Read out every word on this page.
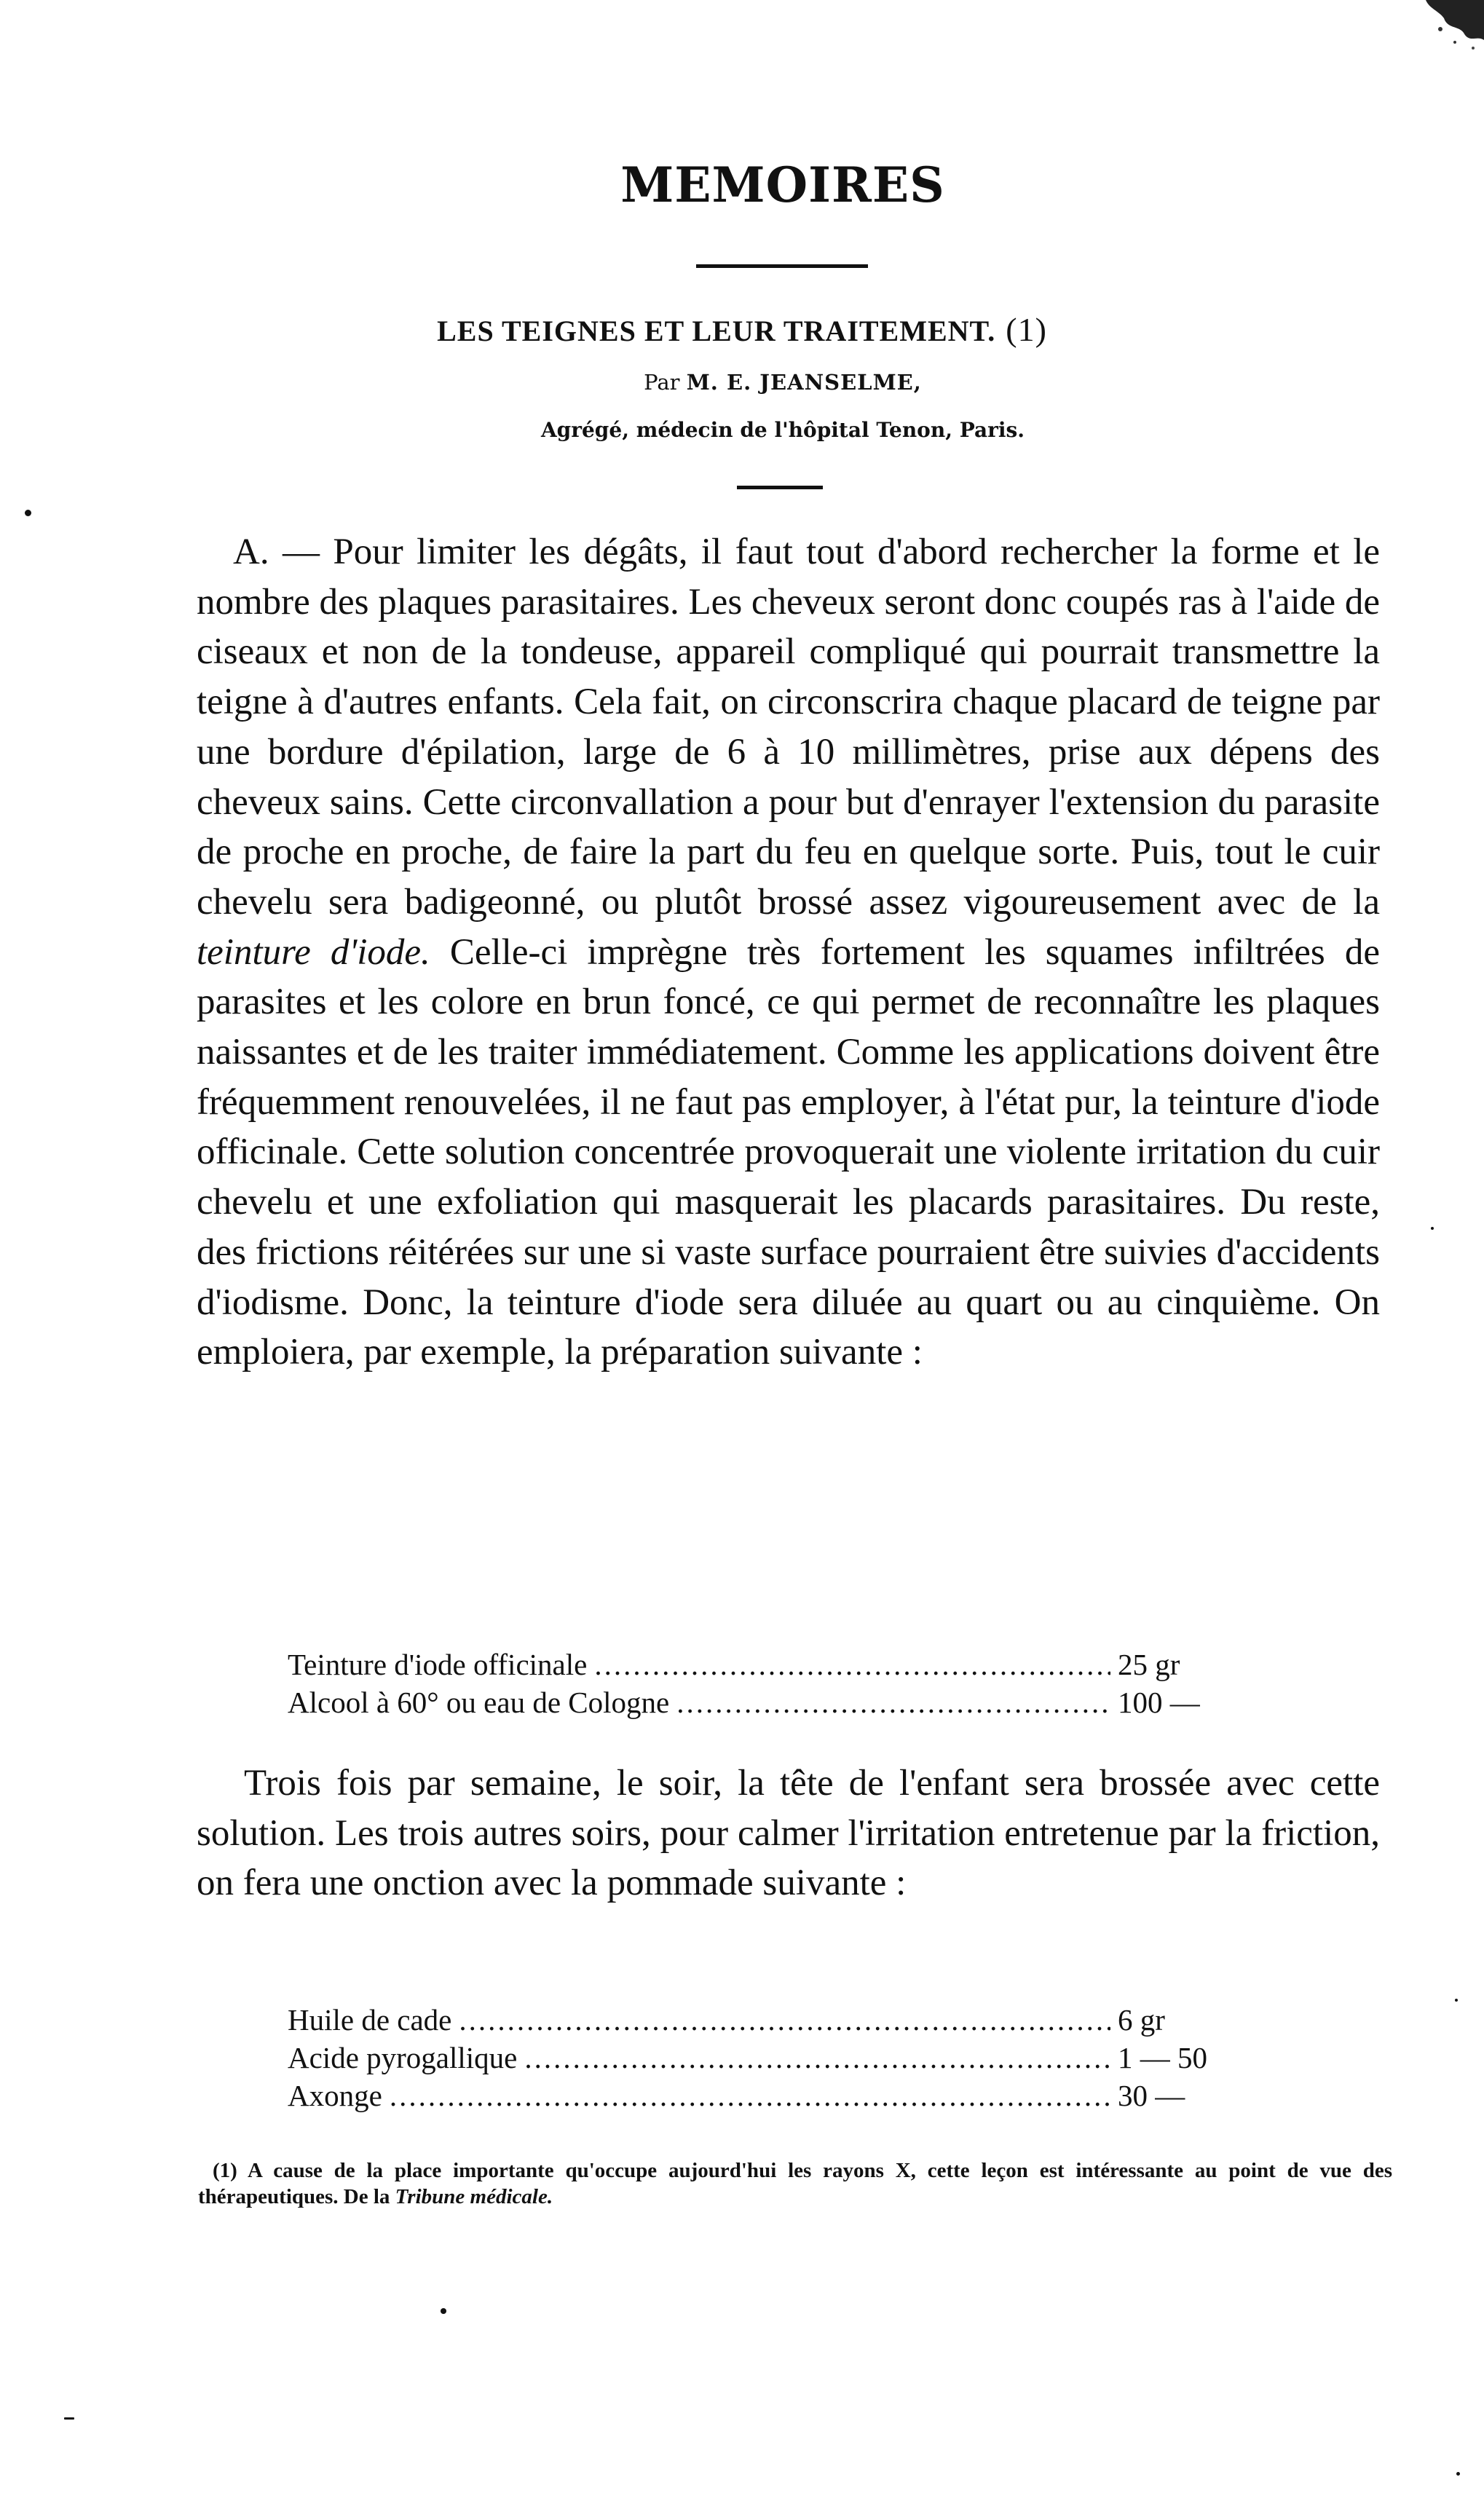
MEMOIRES
LES TEIGNES ET LEUR TRAITEMENT. (1)
Par M. E. JEANSELME,
Agrégé, médecin de l'hôpital Tenon, Paris.
A. — Pour limiter les dégâts, il faut tout d'abord rechercher la forme et le nombre des plaques parasitaires. Les cheveux seront donc coupés ras à l'aide de ciseaux et non de la tondeuse, appareil compliqué qui pourrait transmettre la teigne à d'autres enfants. Cela fait, on circonscrira chaque placard de teigne par une bordure d'épilation, large de 6 à 10 millimètres, prise aux dépens des cheveux sains. Cette circonvallation a pour but d'enrayer l'extension du parasite de proche en proche, de faire la part du feu en quelque sorte. Puis, tout le cuir chevelu sera badigeonné, ou plutôt brossé assez vigoureusement avec de la teinture d'iode. Celle-ci imprègne très fortement les squames infiltrées de parasites et les colore en brun foncé, ce qui permet de reconnaître les plaques naissantes et de les traiter immédiatement. Comme les applications doivent être fréquemment renouvelées, il ne faut pas employer, à l'état pur, la teinture d'iode officinale. Cette solution concentrée provoquerait une violente irritation du cuir chevelu et une exfoliation qui masquerait les placards parasitaires. Du reste, des frictions réitérées sur une si vaste surface pourraient être suivies d'accidents d'iodisme. Donc, la teinture d'iode sera diluée au quart ou au cinquième. On emploiera, par exemple, la préparation suivante :
Teinture d'iode officinale .....	25 gr
Alcool à 60° ou eau de Cologne .....	100 —
Trois fois par semaine, le soir, la tête de l'enfant sera brossée avec cette solution. Les trois autres soirs, pour calmer l'irritation entretenue par la friction, on fera une onction avec la pommade suivante :
Huile de cade .....	6 gr
Acide pyrogallique .....	1 — 50
Axonge .....	30 —
(1) A cause de la place importante qu'occupe aujourd'hui les rayons X, cette leçon est intéressante au point de vue des thérapeutiques. De la Tribune médicale.
